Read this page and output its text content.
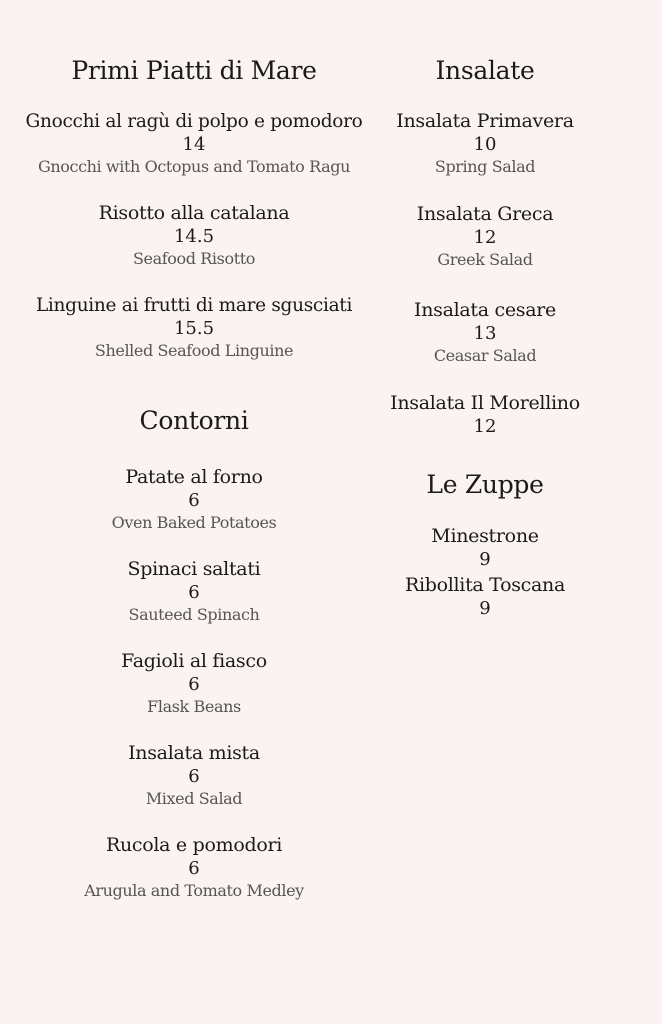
Primi Piatti di Mare
Gnocchi al ragù di polpo e pomodoro
14
Gnocchi with Octopus and Tomato Ragu
Risotto alla catalana
14.5
Seafood Risotto
Linguine ai frutti di mare sgusciati
15.5
Shelled Seafood Linguine
Contorni
Patate al forno
6
Oven Baked Potatoes
Spinaci saltati
6
Sauteed Spinach
Fagioli al fiasco
6
Flask Beans
Insalata mista
6
Mixed Salad
Rucola e pomodori
6
Arugula and Tomato Medley
Insalate
Insalata Primavera
10
Spring Salad
Insalata Greca
12
Greek Salad
Insalata cesare
13
Ceasar Salad
Insalata Il Morellino
12
Le Zuppe
Minestrone
9
Ribollita Toscana
9
